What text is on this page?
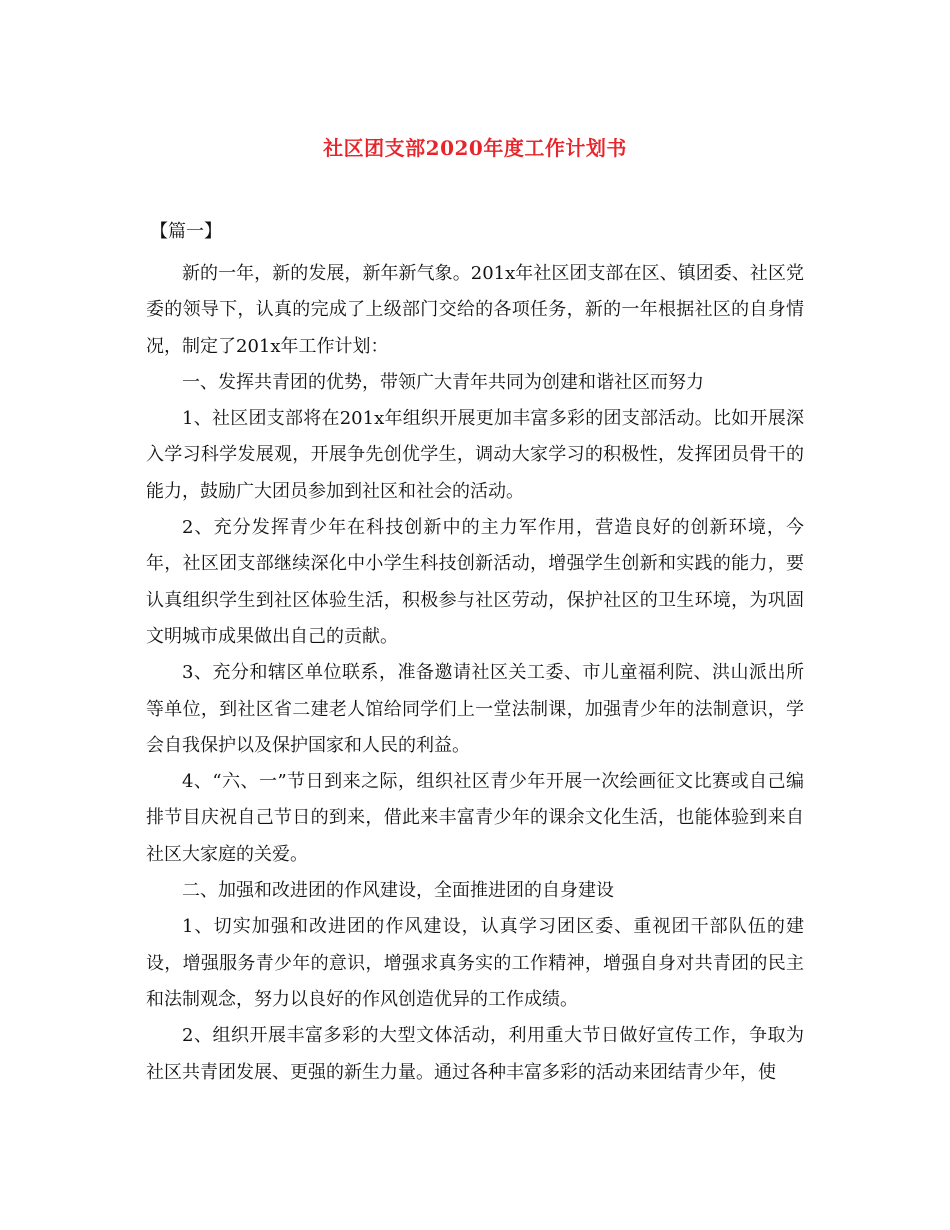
社区团支部2020年度工作计划书
【篇一】

新的一年，新的发展，新年新气象。201x年社区团支部在区、镇团委、社区党委的领导下，认真的完成了上级部门交给的各项任务，新的一年根据社区的自身情况，制定了201x年工作计划：

一、发挥共青团的优势，带领广大青年共同为创建和谐社区而努力

1、社区团支部将在201x年组织开展更加丰富多彩的团支部活动。比如开展深入学习科学发展观，开展争先创优学生，调动大家学习的积极性，发挥团员骨干的能力，鼓励广大团员参加到社区和社会的活动。

2、充分发挥青少年在科技创新中的主力军作用，营造良好的创新环境，今年，社区团支部继续深化中小学生科技创新活动，增强学生创新和实践的能力，要认真组织学生到社区体验生活，积极参与社区劳动，保护社区的卫生环境，为巩固文明城市成果做出自己的贡献。

3、充分和辖区单位联系，准备邀请社区关工委、市儿童福利院、洪山派出所等单位，到社区省二建老人馆给同学们上一堂法制课，加强青少年的法制意识，学会自我保护以及保护国家和人民的利益。

4、“六、一”节日到来之际，组织社区青少年开展一次绘画征文比赛或自己编排节目庆祝自己节日的到来，借此来丰富青少年的课余文化生活，也能体验到来自社区大家庭的关爱。

二、加强和改进团的作风建设，全面推进团的自身建设

1、切实加强和改进团的作风建设，认真学习团区委、重视团干部队伍的建设，增强服务青少年的意识，增强求真务实的工作精神，增强自身对共青团的民主和法制观念，努力以良好的作风创造优异的工作成绩。

2、组织开展丰富多彩的大型文体活动，利用重大节日做好宣传工作，争取为社区共青团发展、更强的新生力量。通过各种丰富多彩的活动来团结青少年，使
